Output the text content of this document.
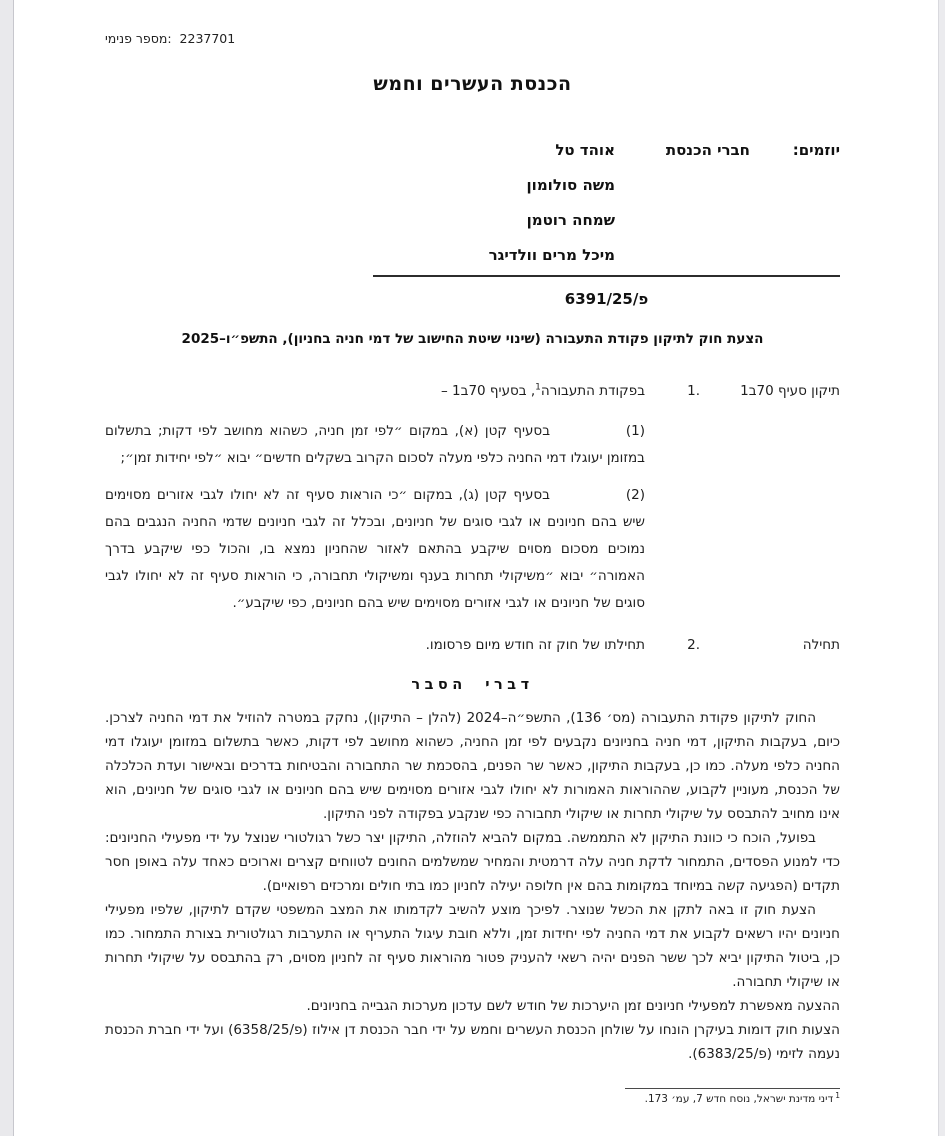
מספר פנימי: 2237701
הכנסת העשרים וחמש
יוזמים:
חברי הכנסת
אוהד טל
משה סולומון
שמחה רוטמן
מיכל מרים וולדיגר
פ/6391/25
הצעת חוק לתיקון פקודת התעבורה (שינוי שיטת החישוב של דמי חניה בחניון), התשפ״ו–2025
תיקון סעיף 70ב1
1.
בפקודת התעבורה$^1$, בסעיף 70ב1 –
(1)בסעיף קטן (א), במקום ״לפי זמן חניה, כשהוא מחושב לפי דקות; בתשלום במזומן יעוגלו דמי החניה כלפי מעלה לסכום הקרוב בשקלים חדשים״ יבוא ״לפי יחידות זמן״;
(2)בסעיף קטן (ג), במקום ״כי הוראות סעיף זה לא יחולו לגבי אזורים מסוימים שיש בהם חניונים או לגבי סוגים של חניונים, ובכלל זה לגבי חניונים שדמי החניה הנגבים בהם נמוכים מסכום מסוים שיקבע בהתאם לאזור שהחניון נמצא בו, והכול כפי שיקבע בדרך האמורה״ יבוא ״משיקולי תחרות בענף ומשיקולי תחבורה, כי הוראות סעיף זה לא יחולו לגבי סוגים של חניונים או לגבי אזורים מסוימים שיש בהם חניונים, כפי שיקבע״.
תחילה
2.
תחילתו של חוק זה חודש מיום פרסומו.
דברי הסבר

החוק לתיקון פקודת התעבורה (מס׳ 136), התשפ״ה–2024 (להלן – התיקון), נחקק במטרה להוזיל את דמי החניה לצרכן. כיום, בעקבות התיקון, דמי חניה בחניונים נקבעים לפי זמן החניה, כשהוא מחושב לפי דקות, כאשר בתשלום במזומן יעוגלו דמי החניה כלפי מעלה. כמו כן, בעקבות התיקון, כאשר שר הפנים, בהסכמת שר התחבורה והבטיחות בדרכים ובאישור ועדת הכלכלה של הכנסת, מעוניין לקבוע, שההוראות האמורות לא יחולו לגבי אזורים מסוימים שיש בהם חניונים או לגבי סוגים של חניונים, הוא אינו מחויב להתבסס על שיקולי תחרות או שיקולי תחבורה כפי שנקבע בפקודה לפני התיקון.

בפועל, הוכח כי כוונת התיקון לא התממשה. במקום להביא להוזלה, התיקון יצר כשל רגולטורי שנוצל על ידי מפעילי החניונים: כדי למנוע הפסדים, התמחור לדקת חניה עלה דרמטית והמחיר שמשלמים החונים לטווחים קצרים וארוכים כאחד עלה באופן חסר תקדים (הפגיעה קשה במיוחד במקומות בהם אין חלופה יעילה לחניון כמו בתי חולים ומרכזים רפואיים).

הצעת חוק זו באה לתקן את הכשל שנוצר. לפיכך מוצע להשיב לקדמותו את המצב המשפטי שקדם לתיקון, שלפיו מפעילי חניונים יהיו רשאים לקבוע את דמי החניה לפי יחידות זמן, וללא חובת עיגול התעריף או התערבות רגולטורית בצורת התמחור. כמו כן, ביטול התיקון יביא לכך ששר הפנים יהיה רשאי להעניק פטור מהוראות סעיף זה לחניון מסוים, רק בהתבסס על שיקולי תחרות או שיקולי תחבורה.

ההצעה מאפשרת למפעילי חניונים זמן היערכות של חודש לשם עדכון מערכות הגבייה בחניונים.

הצעות חוק דומות בעיקרן הונחו על שולחן הכנסת העשרים וחמש על ידי חבר הכנסת דן אילוז (פ/6358/25) ועל ידי חברת הכנסת נעמה לזימי (פ/6383/25).

$^1$דיני מדינת ישראל, נוסח חדש 7, עמ׳ 173.
